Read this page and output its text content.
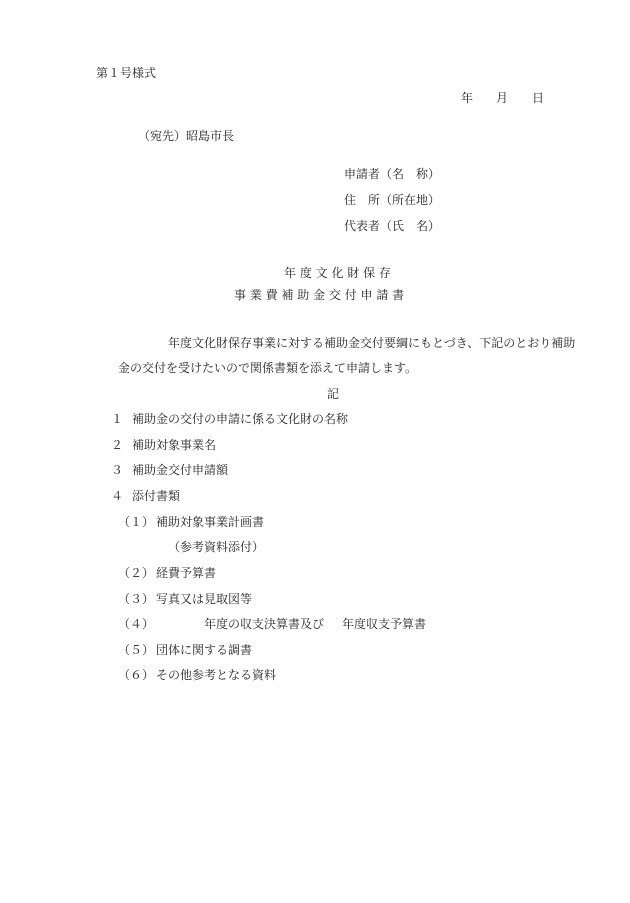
第１号様式
年 月 日
（宛先）昭島市長
申請者（名　称）
住　所（所在地）
代表者（氏　名）
年 度 文 化 財 保 存
事 業 費 補 助 金 交 付 申 請 書
年度文化財保存事業に対する補助金交付要綱にもとづき、下記のとおり補助
金の交付を受けたいので関係書類を添えて申請します。
記
１ 補助金の交付の申請に係る文化財の名称
２ 補助対象事業名
３ 補助金交付申請額
４ 添付書類
（１） 補助対象事業計画書
（参考資料添付）
（２） 経費予算書
（３） 写真又は見取図等
（４）	年度の収支決算書及び 年度収支予算書
（５） 団体に関する調書
（６） その他参考となる資料
